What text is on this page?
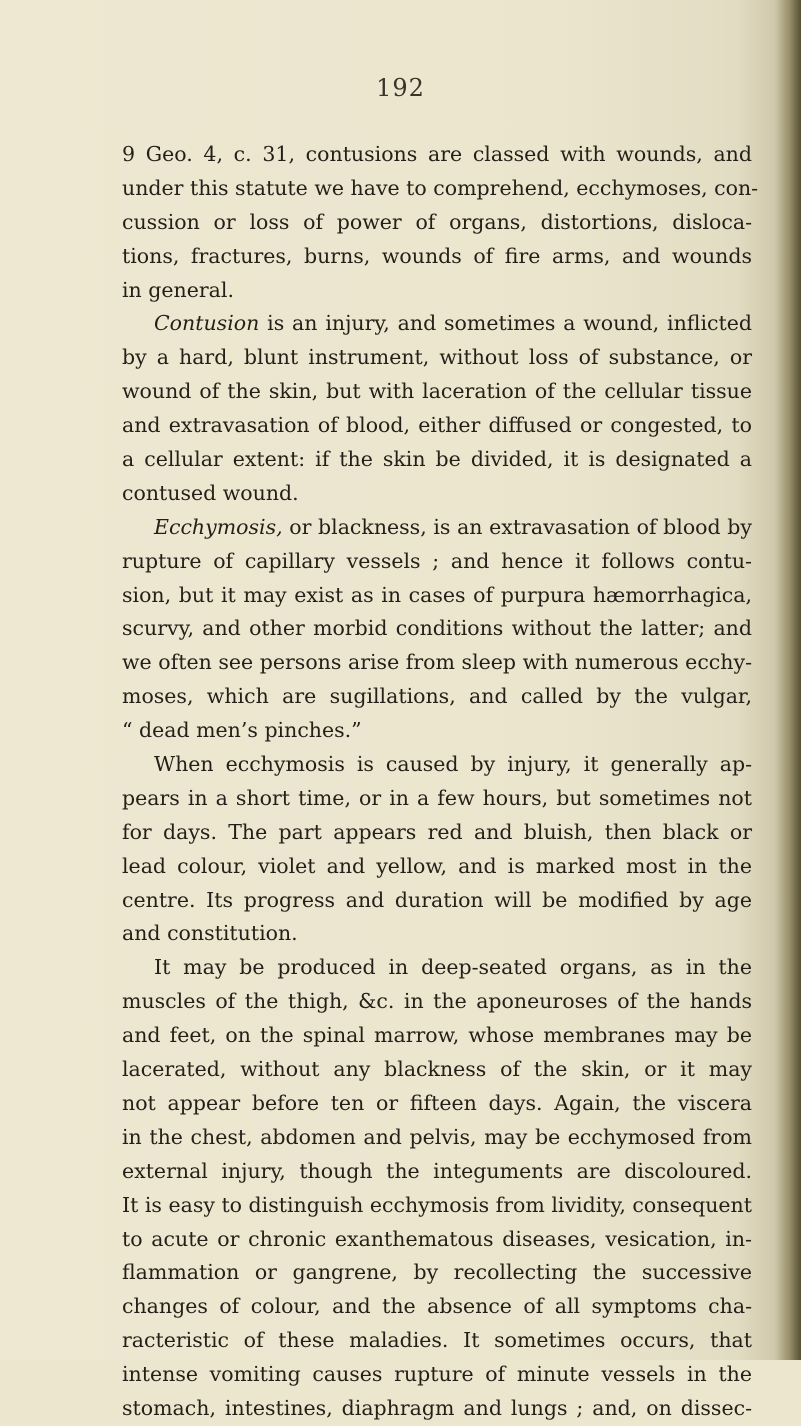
192
9 Geo. 4, c. 31, contusions are classed with wounds, and
under this statute we have to comprehend, ecchymoses, con-
cussion or loss of power of organs, distortions, disloca-
tions, fractures, burns, wounds of fire arms, and wounds
in general.
Contusion is an injury, and sometimes a wound, inflicted
by a hard, blunt instrument, without loss of substance, or
wound of the skin, but with laceration of the cellular tissue
and extravasation of blood, either diffused or congested, to
a cellular extent: if the skin be divided, it is designated a
contused wound.
Ecchymosis, or blackness, is an extravasation of blood by
rupture of capillary vessels ; and hence it follows contu-
sion, but it may exist as in cases of purpura hæmorrhagica,
scurvy, and other morbid conditions without the latter; and
we often see persons arise from sleep with numerous ecchy-
moses, which are sugillations, and called by the vulgar,
“ dead men’s pinches.”
When ecchymosis is caused by injury, it generally ap-
pears in a short time, or in a few hours, but sometimes not
for days. The part appears red and bluish, then black or
lead colour, violet and yellow, and is marked most in the
centre. Its progress and duration will be modified by age
and constitution.
It may be produced in deep-seated organs, as in the
muscles of the thigh, &c. in the aponeuroses of the hands
and feet, on the spinal marrow, whose membranes may be
lacerated, without any blackness of the skin, or it may
not appear before ten or fifteen days. Again, the viscera
in the chest, abdomen and pelvis, may be ecchymosed from
external injury, though the integuments are discoloured.
It is easy to distinguish ecchymosis from lividity, consequent
to acute or chronic exanthematous diseases, vesication, in-
flammation or gangrene, by recollecting the successive
changes of colour, and the absence of all symptoms cha-
racteristic of these maladies. It sometimes occurs, that
intense vomiting causes rupture of minute vessels in the
stomach, intestines, diaphragm and lungs ; and, on dissec-
